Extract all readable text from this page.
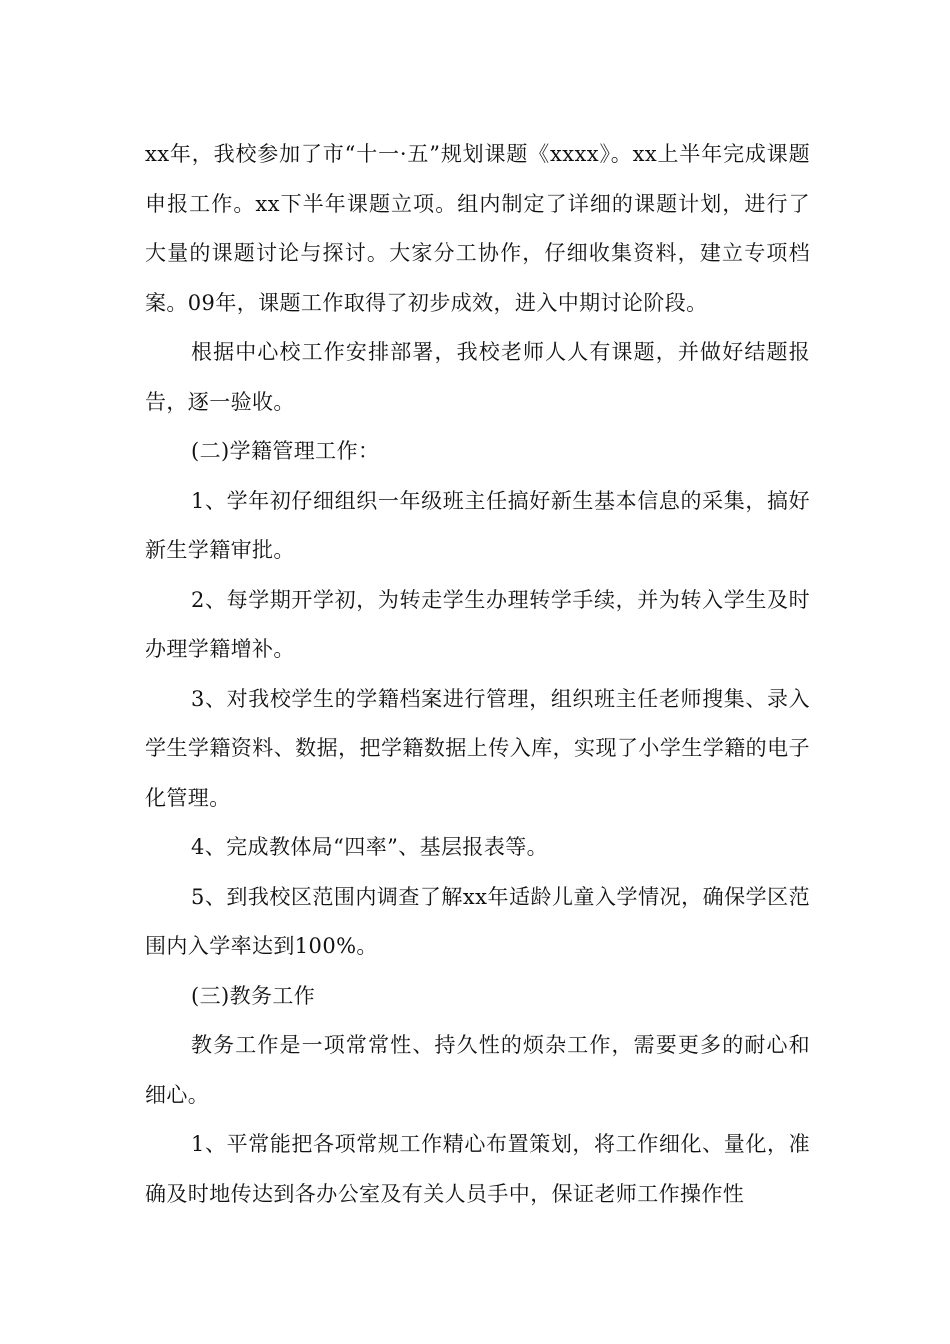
xx年，我校参加了市“十一·五”规划课题《xxxx》。xx上半年完成课题申报工作。xx下半年课题立项。组内制定了详细的课题计划，进行了大量的课题讨论与探讨。大家分工协作，仔细收集资料，建立专项档案。09年，课题工作取得了初步成效，进入中期讨论阶段。

根据中心校工作安排部署，我校老师人人有课题，并做好结题报告，逐一验收。

(二)学籍管理工作：

1、学年初仔细组织一年级班主任搞好新生基本信息的采集，搞好新生学籍审批。

2、每学期开学初，为转走学生办理转学手续，并为转入学生及时办理学籍增补。

3、对我校学生的学籍档案进行管理，组织班主任老师搜集、录入学生学籍资料、数据，把学籍数据上传入库，实现了小学生学籍的电子化管理。

4、完成教体局“四率”、基层报表等。

5、到我校区范围内调查了解xx年适龄儿童入学情况，确保学区范围内入学率达到100%。

(三)教务工作

教务工作是一项常常性、持久性的烦杂工作，需要更多的耐心和细心。

1、平常能把各项常规工作精心布置策划，将工作细化、量化，准确及时地传达到各办公室及有关人员手中，保证老师工作操作性
